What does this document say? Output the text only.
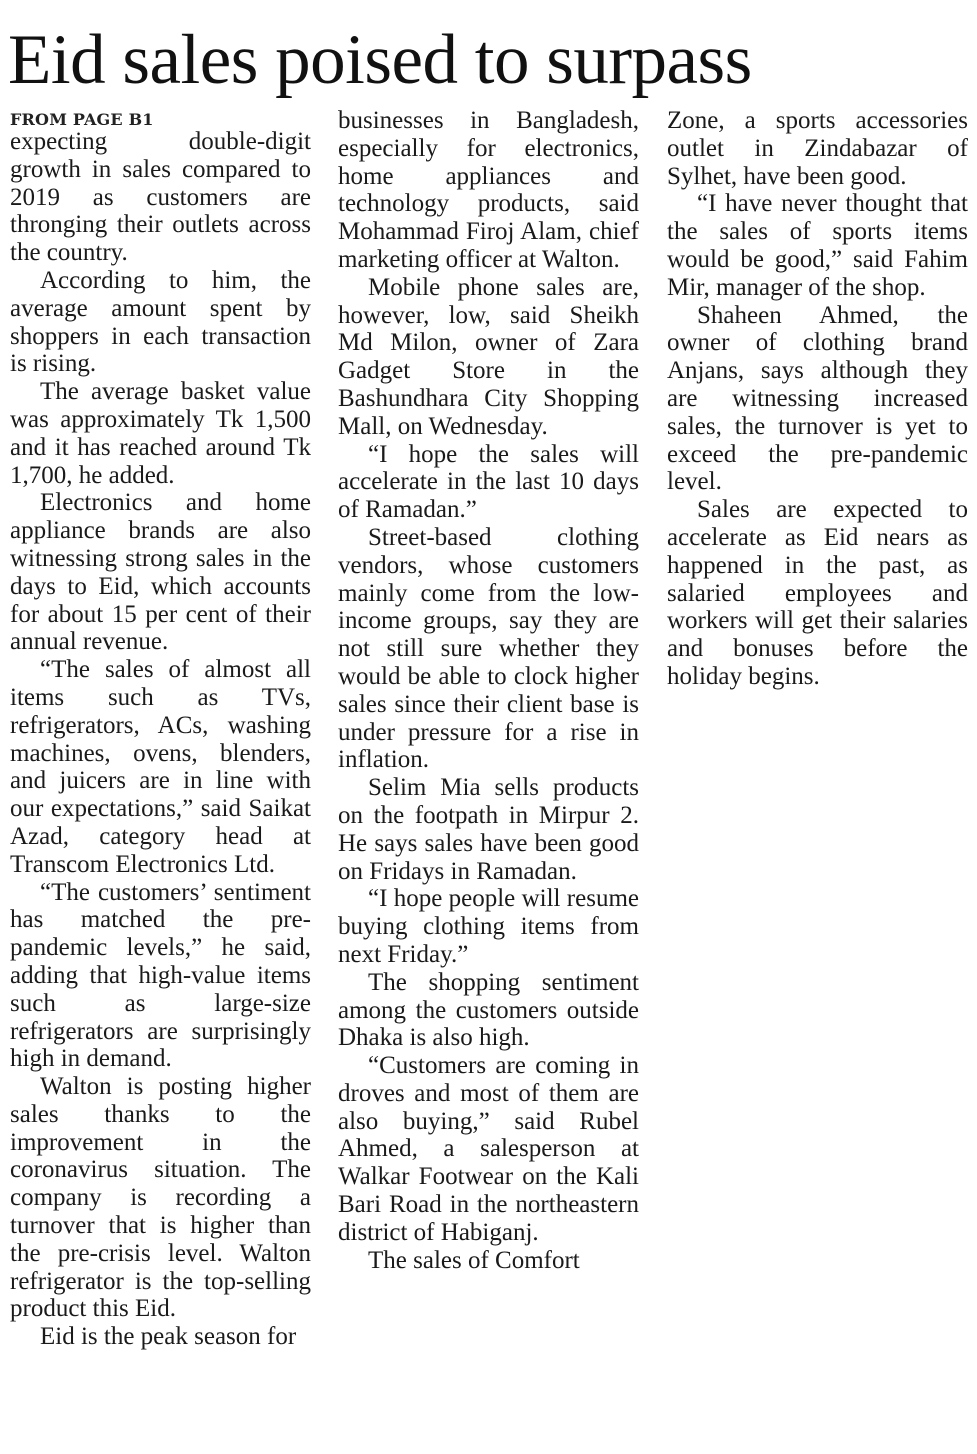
Eid sales poised to surpass
FROM PAGE B1

expecting double-digit growth in sales compared to 2019 as customers are thronging their outlets across the country.

According to him, the average amount spent by shoppers in each transaction is rising.

The average basket value was approximately Tk 1,500 and it has reached around Tk 1,700, he added.

Electronics and home appliance brands are also witnessing strong sales in the days to Eid, which accounts for about 15 per cent of their annual revenue.

“The sales of almost all items such as TVs, refrigerators, ACs, washing machines, ovens, blenders, and juicers are in line with our expectations,” said Saikat Azad, category head at Transcom Electronics Ltd.

“The customers’ sentiment has matched the pre-pandemic levels,” he said, adding that high-value items such as large-size refrigerators are surprisingly high in demand.

Walton is posting higher sales thanks to the improvement in the coronavirus situation. The company is recording a turnover that is higher than the pre-crisis level. Walton refrigerator is the top-selling product this Eid.

Eid is the peak season for

businesses in Bangladesh, especially for electronics, home appliances and technology products, said Mohammad Firoj Alam, chief marketing officer at Walton.

Mobile phone sales are, however, low, said Sheikh Md Milon, owner of Zara Gadget Store in the Bashundhara City Shopping Mall, on Wednesday.

“I hope the sales will accelerate in the last 10 days of Ramadan.”

Street-based clothing vendors, whose customers mainly come from the low-income groups, say they are not still sure whether they would be able to clock higher sales since their client base is under pressure for a rise in inflation.

Selim Mia sells products on the footpath in Mirpur 2. He says sales have been good on Fridays in Ramadan.

“I hope people will resume buying clothing items from next Friday.”

The shopping sentiment among the customers outside Dhaka is also high.

“Customers are coming in droves and most of them are also buying,” said Rubel Ahmed, a salesperson at Walkar Footwear on the Kali Bari Road in the northeastern district of Habiganj.

The sales of Comfort

Zone, a sports accessories outlet in Zindabazar of Sylhet, have been good.

“I have never thought that the sales of sports items would be good,” said Fahim Mir, manager of the shop.

Shaheen Ahmed, the owner of clothing brand Anjans, says although they are witnessing increased sales, the turnover is yet to exceed the pre-pandemic level.

Sales are expected to accelerate as Eid nears as happened in the past, as salaried employees and workers will get their salaries and bonuses before the holiday begins.
